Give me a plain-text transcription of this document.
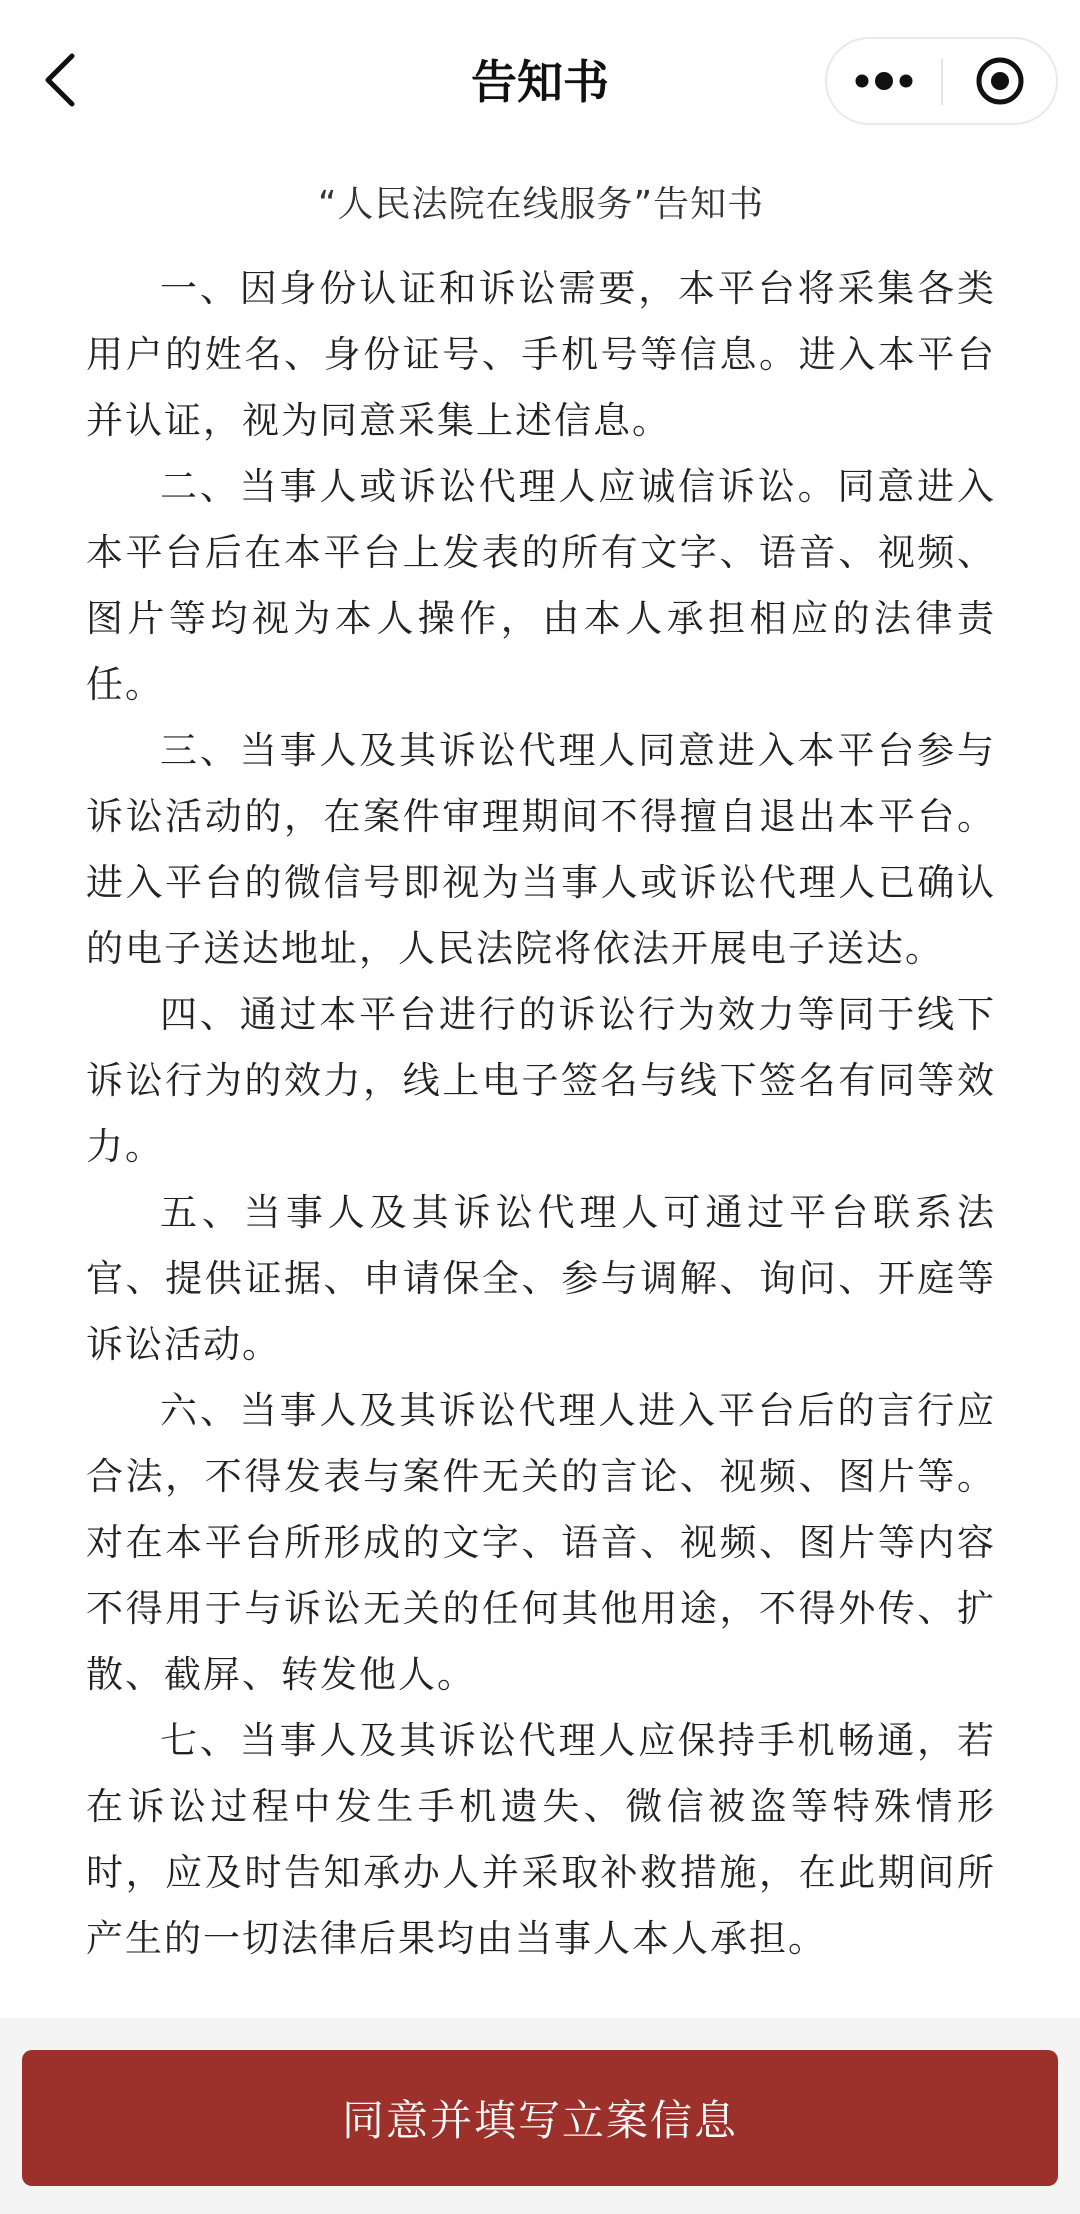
告知书
“人民法院在线服务”告知书

一、因身份认证和诉讼需要，本平台将采集各类用户的姓名、身份证号、手机号等信息。进入本平台并认证，视为同意采集上述信息。

二、当事人或诉讼代理人应诚信诉讼。同意进入本平台后在本平台上发表的所有文字、语音、视频、图片等均视为本人操作，由本人承担相应的法律责任。

三、当事人及其诉讼代理人同意进入本平台参与诉讼活动的，在案件审理期间不得擅自退出本平台。进入平台的微信号即视为当事人或诉讼代理人已确认的电子送达地址，人民法院将依法开展电子送达。

四、通过本平台进行的诉讼行为效力等同于线下诉讼行为的效力，线上电子签名与线下签名有同等效力。

五、当事人及其诉讼代理人可通过平台联系法官、提供证据、申请保全、参与调解、询问、开庭等诉讼活动。

六、当事人及其诉讼代理人进入平台后的言行应合法，不得发表与案件无关的言论、视频、图片等。对在本平台所形成的文字、语音、视频、图片等内容不得用于与诉讼无关的任何其他用途，不得外传、扩散、截屏、转发他人。

七、当事人及其诉讼代理人应保持手机畅通，若在诉讼过程中发生手机遗失、微信被盗等特殊情形时，应及时告知承办人并采取补救措施，在此期间所产生的一切法律后果均由当事人本人承担。

同意并填写立案信息
